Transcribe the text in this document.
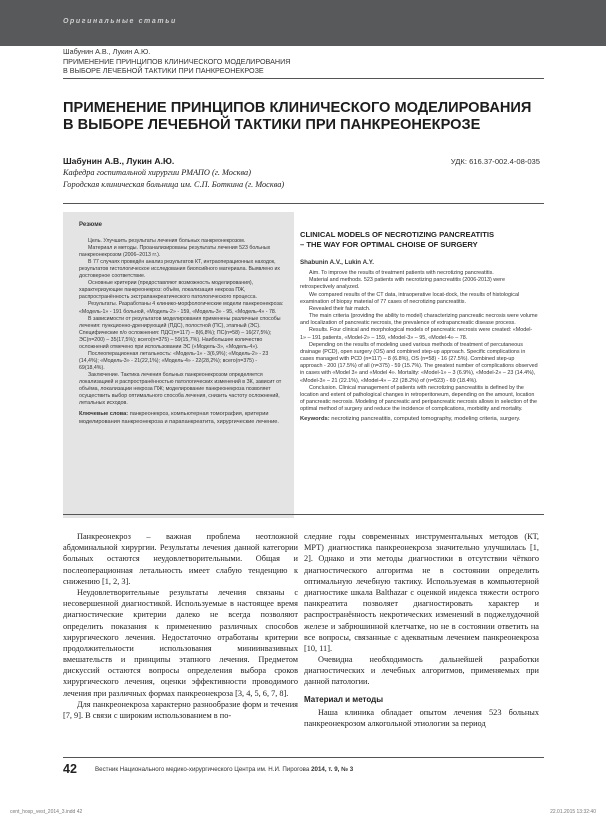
Оригинальные статьи
Шабунин А.В., Лукин А.Ю.
ПРИМЕНЕНИЕ ПРИНЦИПОВ КЛИНИЧЕСКОГО МОДЕЛИРОВАНИЯ
В ВЫБОРЕ ЛЕЧЕБНОЙ ТАКТИКИ ПРИ ПАНКРЕОНЕКРОЗЕ
ПРИМЕНЕНИЕ ПРИНЦИПОВ КЛИНИЧЕСКОГО МОДЕЛИРОВАНИЯ
В ВЫБОРЕ ЛЕЧЕБНОЙ ТАКТИКИ ПРИ ПАНКРЕОНЕКРОЗЕ
Шабунин А.В., Лукин А.Ю.	УДК: 616.37-002.4-08-035
Кафедра госпитальной хирургии РМАПО (г. Москва)
Городская клиническая больница им. С.П. Боткина (г. Москва)

Резюме

Цель. Улучшить результаты лечения больных панкреонекрозом.

Материал и методы. Проанализированы результаты лечения 523 больных панкреонекрозом (2006–2013 гг.).

В 77 случаях проведён анализ результатов КТ, интраоперационных находок, результатов гистологическое исследования биопсийного материала. Выявлено их достоверное соответствие.

Основные критерии (предоставляют возможность моделирования), характеризующие панкреонекроз: объём, локализация некроза ПЖ, распространённость экстрапанкреатического патологического процесса.

Результаты. Разработаны 4 клинико-морфологические модели панкреонекроза: «Модель-1» - 191 больной, «Модель-2» - 159, «Модель-3» - 95, «Модель-4» - 78.

В зависимости от результатов моделирования применены различные способы лечения: пункционно-дренирующий (ПДС), полостной (ПС), этапный (ЭС). Специфические п/о осложнения: ПДС(n=117) – 8(6,8%); ПС(n=58) – 16(27,5%); ЭС(n=200) – 35(17,5%); всего(n=375) – 59(15,7%). Наибольшее количество осложнений отмечено при использовании ЭС («Модель-3», «Модель-4»).

Послеоперационная летальность: «Модель-1» - 3(6,9%); «Модель-2» - 23 (14,4%); «Модель-3» - 21(22,1%); «Модель-4» - 22(28,2%); всего(n=375) - 69(18,4%).

Заключение. Тактика лечения больных панкреонекрозом определяется локализацией и распространённостью патологических изменений в ЗК, зависит от объёма, локализации некроза ПЖ; моделирование панкреонекроза позволяет осуществить выбор оптимального способа лечения, снизить частоту осложнений, летальных исходов.

Ключевые слова: панкреонекроз, компьютерная томография, критерии моделирования панкреонекроза и парапанкреатита, хирургические лечение.

CLINICAL MODELS OF NECROTIZING PANCREATITIS
– THE WAY FOR OPTIMAL CHOISE OF SURGERY

Shabunin A.V., Lukin A.Y.

Aim. To improve the results of treatment patients with necrotizing pancreatitis.

Material and methods. 523 patients with necrotizing pancreatitis (2006-2013) were retrospectively analyzed.

We compared results of the CT data, intraoperative locat-dock, the results of histological examination of biopsy material of 77 cases of necrotizing pancreatitis.

Revealed their fair match.

The main criteria (providing the ability to model) characterizing pancreatic necrosis were volume and localization of pancreatic necrosis, the prevalence of extrapancreatic disease process.

Results. Four clinical and morphological models of pancreatic necrosis were created: «Model-1» – 191 patients, «Model-2» – 159, «Model-3» – 95, «Model-4» – 78.

Depending on the results of modeling used various methods of treatment of percutaneous drainage (PCD), open surgery (OS) and combined step-up approach. Specific complications in cases managed with PCD (n=117) – 8 (6.8%), OS (n=58) - 16 (27.5%). Combined step-up approach - 200 (17.5%) of all (n=375) - 59 (15.7%). The greatest number of complications observed in cases with «Model 3» and «Model 4». Mortality: «Model-1» – 3 (6.9%), «Model-2» – 23 (14.4%), «Model-3» – 21 (22.1%), «Model-4» – 22 (28.2%) of (n=523) - 69 (18.4%).

Conclusion. Clinical management of patients with necrotizing pancreatitis is defined by the location and extent of pathological changes in retroperitoneum, depending on the amount, location of pancreatic necrosis. Modeling of pancreatic and peripancreatic necrosis allows in selection of the optimal method of surgery and reduce the incidence of complications, morbidity and mortality.

Keywords: necrotizing pancreatitis, computed tomography, modeling criteria, surgery.

Панкреонекроз – важная проблема неотложной абдоминальной хирургии. Результаты лечения данной категории больных остаются неудовлетворительными. Общая и послеоперационная летальность имеет слабую тенденцию к снижению [1, 2, 3].

Неудовлетворительные результаты лечения связаны с несовершенной диагностикой. Используемые в настоящее время диагностические критерии далеко не всегда позволяют определить показания к применению различных способов хирургического лечения. Недостаточно отработаны критерии продолжительности использования миниинвазивных вмешательств и принципы этапного лечения. Предметом дискуссий остаются вопросы определения выбора сроков хирургического лечения, оценки эффективности проводимого лечения при различных формах панкреонекроза [3, 4, 5, 6, 7, 8].

Для панкреонекроза характерно разнообразие форм и течения [7, 9]. В связи с широким использованием в по-

следние годы современных инструментальных методов (КТ, МРТ) диагностика панкреонекроза значительно улучшилась [1, 2]. Однако и эти методы диагностики в отсутствии чёткого диагностического алгоритма не в состоянии определить оптимальную лечебную тактику. Используемая в компьютерной диагностике шкала Balthazar с оценкой индекса тяжести острого панкреатита позволяет диагностировать характер и распространённость некротических изменений в поджелудочной железе и забрюшинной клетчатке, но не в состоянии ответить на все вопросы, связанные с адекватным лечением панкреонекроза [10, 11].

Очевидна необходимость дальнейшей разработки диагностических и лечебных алгоритмов, применяемых при данной патологии.

Материал и методы

Наша клиника обладает опытом лечения 523 больных панкреонекрозом алкогольной этиологии за период

42	Вестник Национального медико-хирургического Центра им. Н.И. Пирогова 2014, т. 9, № 3
cent_hosp_vest_2014_3.indd 42	22.01.2015 13:32:40
